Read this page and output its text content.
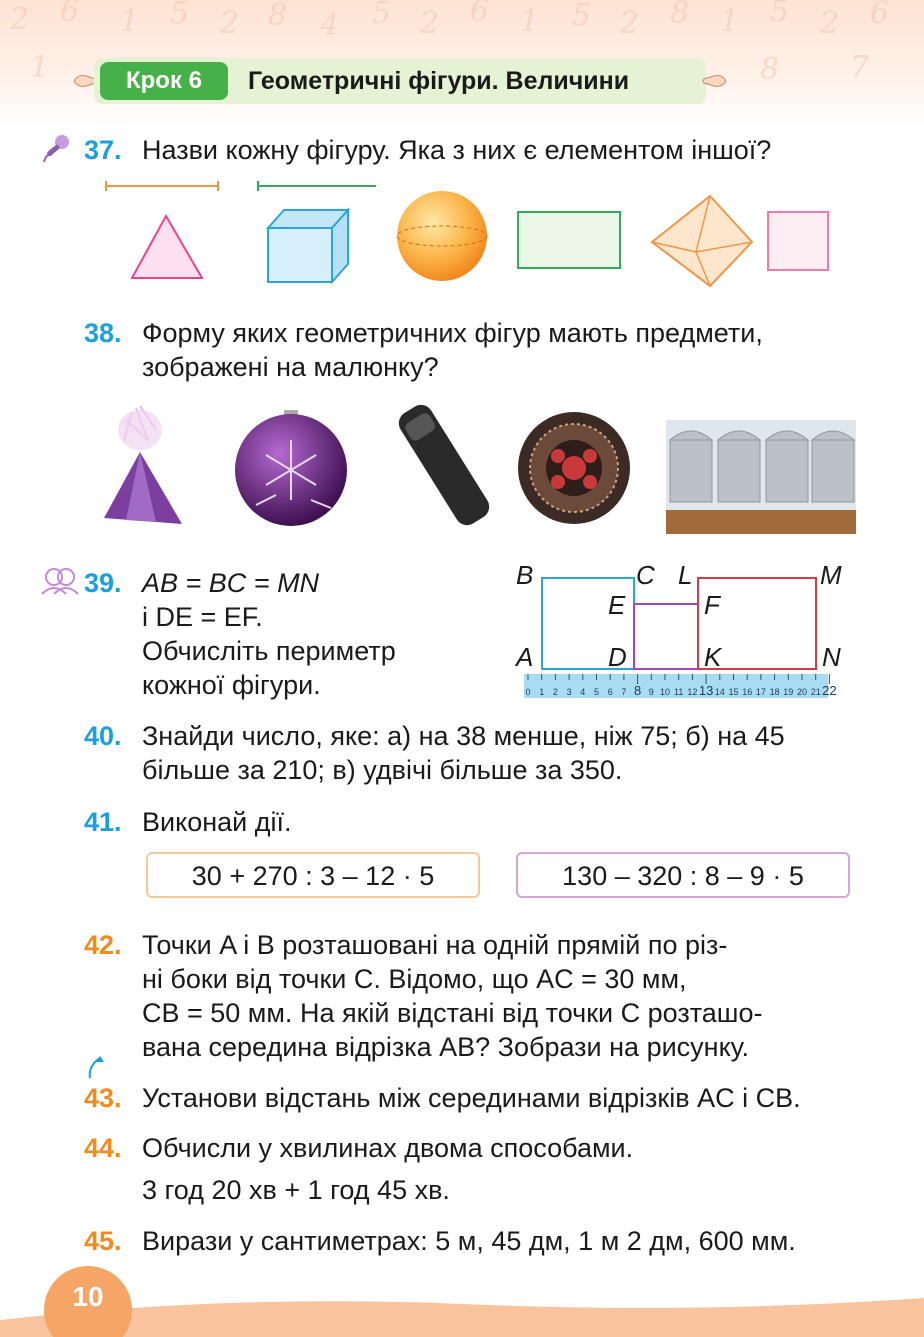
2 6 1 5 2 8 4 5 2 6 1 5 2 8 1 5 2 6
1	7
8
Крок 6	Геометричні фігури. Величини
37. Назви кожну фігуру. Яка з них є елементом іншої?
38. Форму яких геометричних фігур мають предмети,
зображені на малюнку?
39. AB = BC = MN
і DE = EF.
Обчисліть периметр
кожної фігури.
B	C L	M
E	F
A	D	K	N
0 1 2 3 4 5 6 7 8 9 10 11 12 13 14 15 16 17 18 19 20 21 22
40. Знайди число, яке: а) на 38 менше, ніж 75; б) на 45
більше за 210; в) удвічі більше за 350.
41. Виконай дії.
30 + 270 : 3 – 12 · 5	130 – 320 : 8 – 9 · 5
42. Точки A і B розташовані на одній прямій по різ-
ні боки від точки C. Відомо, що AC = 30 мм,
CB = 50 мм. На якій відстані від точки C розташо-
вана середина відрізка AB? Зобрази на рисунку.
43. Установи відстань між серединами відрізків AC і CB.
44. Обчисли у хвилинах двома способами.
3 год 20 хв + 1 год 45 хв.
45. Вирази у сантиметрах: 5 м, 45 дм, 1 м 2 дм, 600 мм.
10
